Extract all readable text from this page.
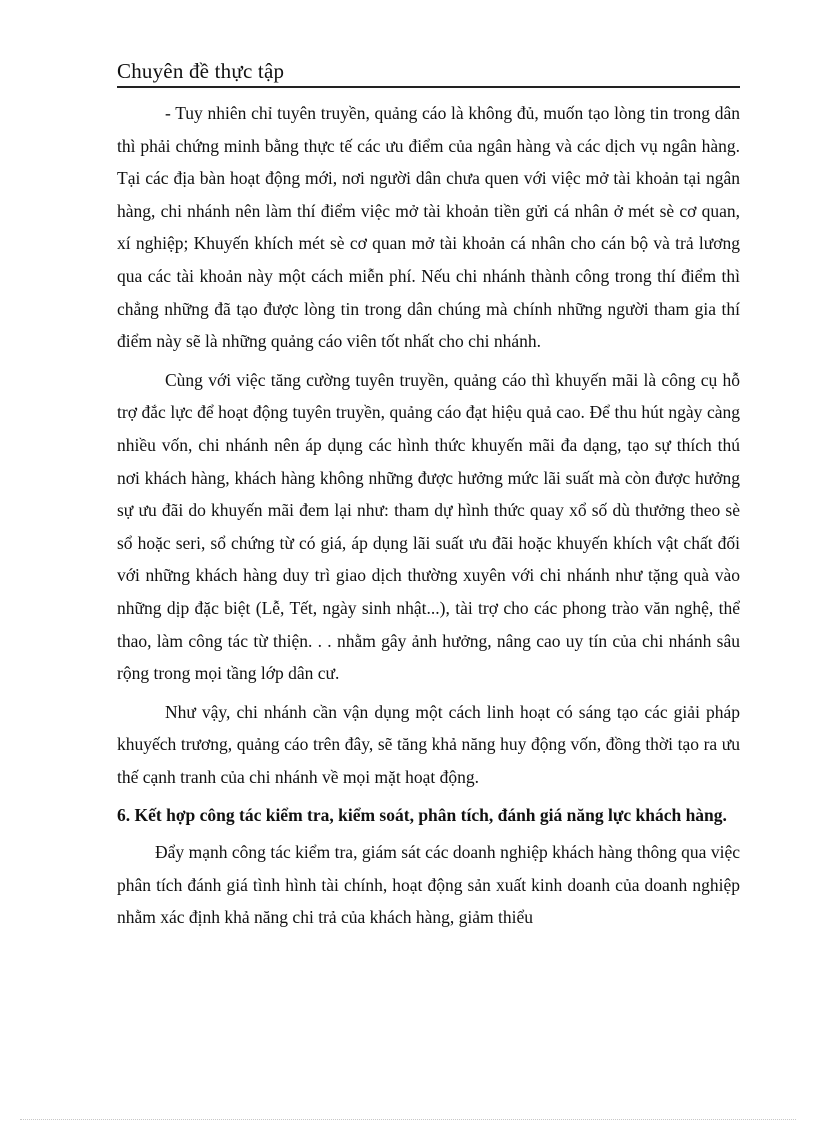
Chuyên đề thực tập

- Tuy nhiên chỉ tuyên truyền, quảng cáo là không đủ, muốn tạo lòng tin trong dân thì phải chứng minh bằng thực tế các ưu điểm của ngân hàng và các dịch vụ ngân hàng. Tại các địa bàn hoạt động mới, nơi người dân chưa quen với việc mở tài khoản tại ngân hàng, chi nhánh nên làm thí điểm việc mở tài khoản tiền gửi cá nhân ở mét sè cơ quan, xí nghiệp; Khuyến khích mét sè cơ quan mở tài khoản cá nhân cho cán bộ và trả lương qua các tài khoản này một cách miễn phí. Nếu chi nhánh thành công trong thí điểm thì chẳng những đã tạo được lòng tin trong dân chúng mà chính những người tham gia thí điểm này sẽ là những quảng cáo viên tốt nhất cho chi nhánh.

Cùng với việc tăng cường tuyên truyền, quảng cáo thì khuyến mãi là công cụ hỗ trợ đắc lực để hoạt động tuyên truyền, quảng cáo đạt hiệu quả cao. Để thu hút ngày càng nhiều vốn, chi nhánh nên áp dụng các hình thức khuyến mãi đa dạng, tạo sự thích thú nơi khách hàng, khách hàng không những được hưởng mức lãi suất mà còn được hưởng sự ưu đãi do khuyến mãi đem lại như: tham dự hình thức quay xổ số dù thưởng theo sè sổ hoặc seri, sổ chứng từ có giá, áp dụng lãi suất ưu đãi hoặc khuyến khích vật chất đối với những khách hàng duy trì giao dịch thường xuyên với chi nhánh như tặng quà vào những dịp đặc biệt (Lễ, Tết, ngày sinh nhật...), tài trợ cho các phong trào văn nghệ, thể thao, làm công tác từ thiện. . . nhằm gây ảnh hưởng, nâng cao uy tín của chi nhánh sâu rộng trong mọi tầng lớp dân cư.

Như vậy, chi nhánh cần vận dụng một cách linh hoạt có sáng tạo các giải pháp khuyếch trương, quảng cáo trên đây, sẽ tăng khả năng huy động vốn, đồng thời tạo ra ưu thế cạnh tranh của chi nhánh về mọi mặt hoạt động.

6. Kết hợp công tác kiểm tra, kiểm soát, phân tích, đánh giá năng lực khách hàng.

Đẩy mạnh công tác kiểm tra, giám sát các doanh nghiệp khách hàng thông qua việc phân tích đánh giá tình hình tài chính, hoạt động sản xuất kinh doanh của doanh nghiệp nhằm xác định khả năng chi trả của khách hàng, giảm thiểu
